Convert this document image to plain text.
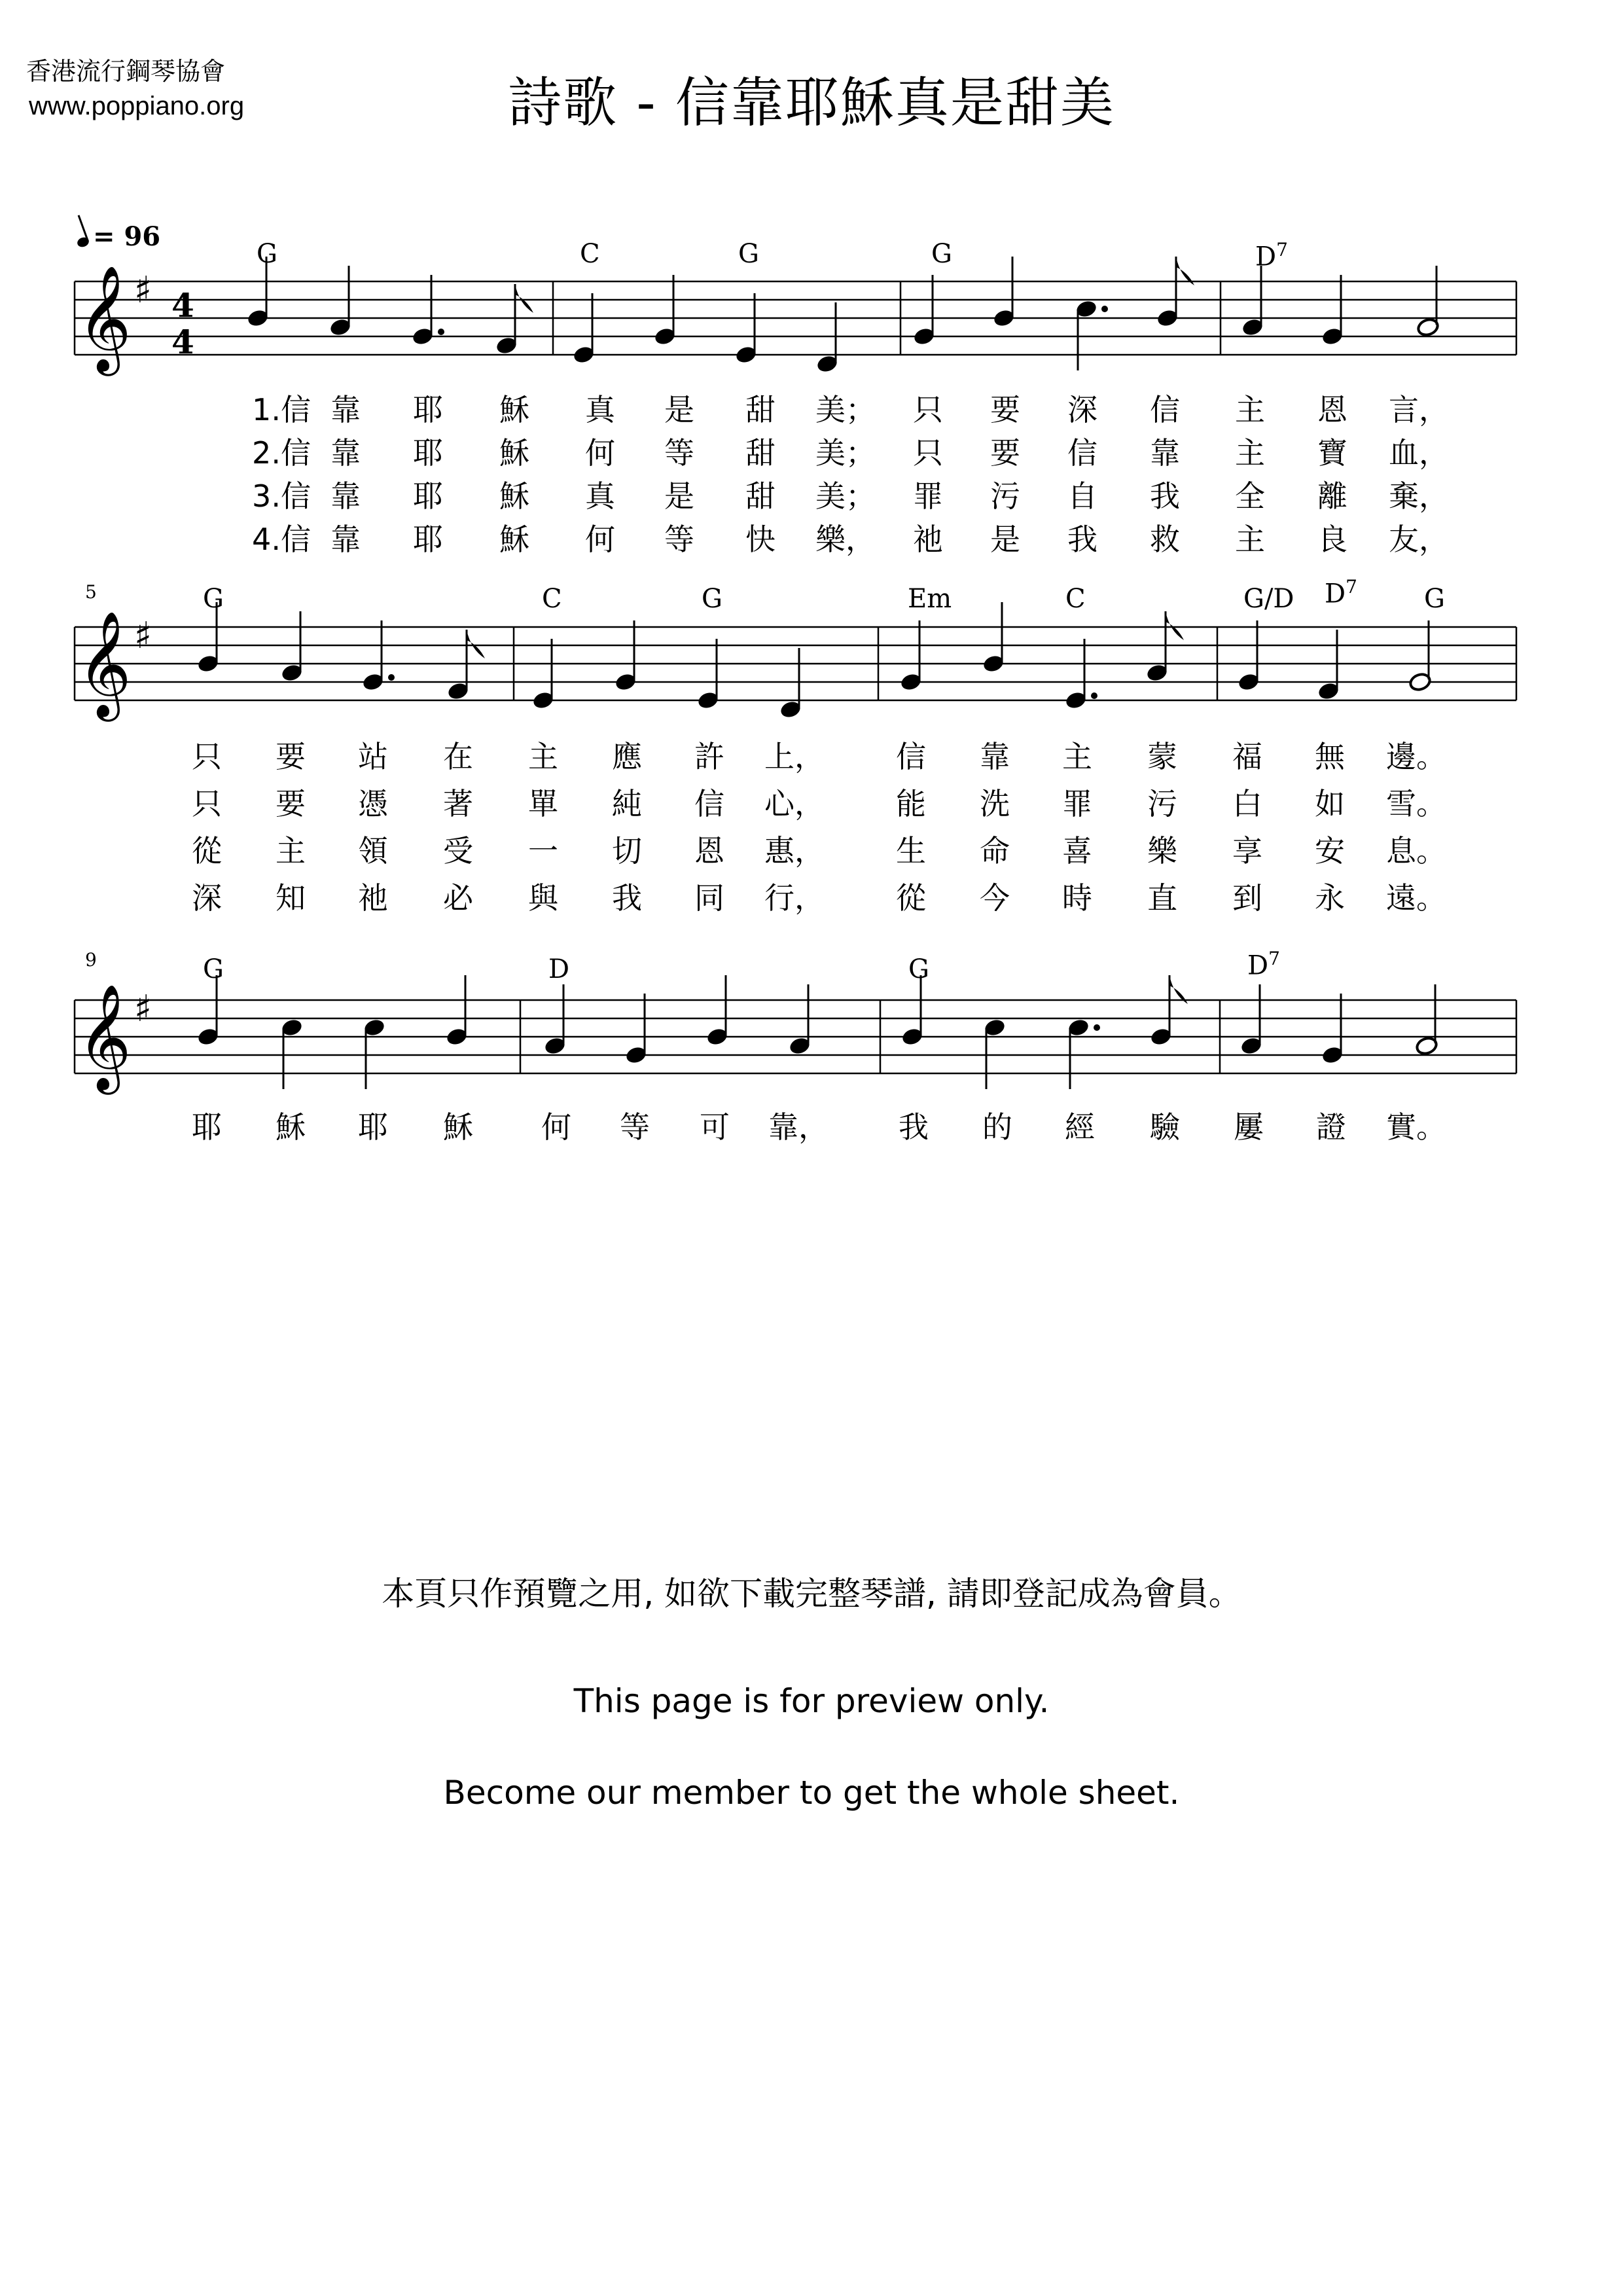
香港流行鋼琴協會
www.poppiano.org	詩歌 - 信靠耶穌真是甜美
= 96
G	C	G	G	$D^7$
𝄞 ♯ 4
4
1.信 靠 耶 穌 真 是 甜 美； 只 要 深 信 主 恩 言，
2.信 靠 耶 穌 何 等 甜 美； 只 要 信 靠 主 寶 血，
3.信 靠 耶 穌 真 是 甜 美； 罪 污 自 我 全 離 棄，
4.信 靠 耶 穌 何 等 快 樂， 祂 是 我 救 主 良 友，
5	G	C	G	Em	C	G/D $D^7$	G
𝄞 ♯
只 要 站 在 主 應 許 上， 信 靠 主 蒙 福 無 邊。
只 要 憑 著 單 純 信 心， 能 洗 罪 污 白 如 雪。
從 主 領 受 一 切 恩 惠， 生 命 喜 樂 享 安 息。
深 知 祂 必 與 我 同 行， 從 今 時 直 到 永 遠。
9	G	D	G	$D^7$
𝄞 ♯
耶 穌 耶 穌 何 等 可 靠， 我 的 經 驗 屢 證 實。
本頁只作預覽之用, 如欲下載完整琴譜, 請即登記成為會員。
This page is for preview only.
Become our member to get the whole sheet.
